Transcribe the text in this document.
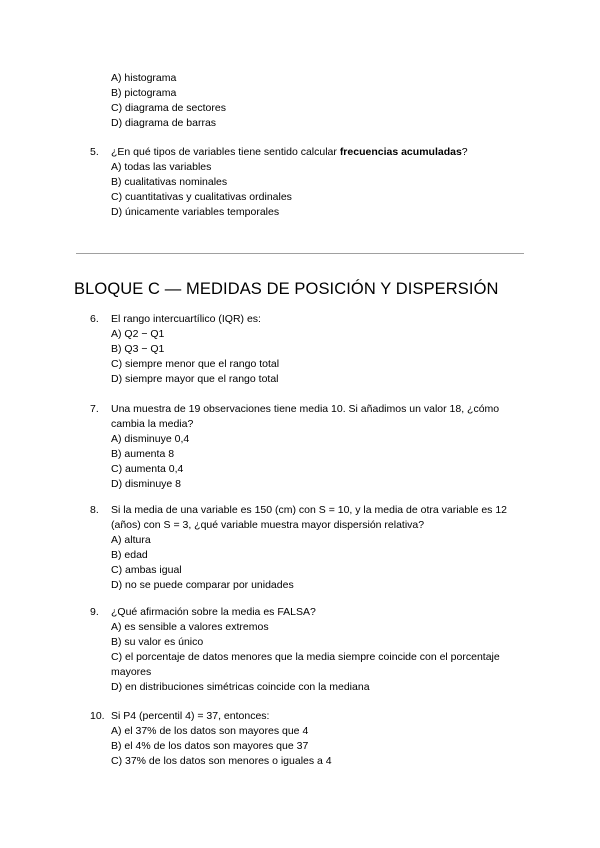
A) histograma
B) pictograma
C) diagrama de sectores
D) diagrama de barras
5.	¿En qué tipos de variables tiene sentido calcular frecuencias acumuladas?
A) todas las variables
B) cualitativas nominales
C) cuantitativas y cualitativas ordinales
D) únicamente variables temporales
BLOQUE C — MEDIDAS DE POSICIÓN Y DISPERSIÓN
6.	El rango intercuartílico (IQR) es:
A) Q2 − Q1
B) Q3 − Q1
C) siempre menor que el rango total
D) siempre mayor que el rango total
7.	Una muestra de 19 observaciones tiene media 10. Si añadimos un valor 18, ¿cómo cambia la media?
A) disminuye 0,4
B) aumenta 8
C) aumenta 0,4
D) disminuye 8
8.	Si la media de una variable es 150 (cm) con S = 10, y la media de otra variable es 12 (años) con S = 3, ¿qué variable muestra mayor dispersión relativa?
A) altura
B) edad
C) ambas igual
D) no se puede comparar por unidades
9.	¿Qué afirmación sobre la media es FALSA?
A) es sensible a valores extremos
B) su valor es único
C) el porcentaje de datos menores que la media siempre coincide con el porcentaje mayores
D) en distribuciones simétricas coincide con la mediana
10. Si P4 (percentil 4) = 37, entonces:
A) el 37% de los datos son mayores que 4
B) el 4% de los datos son mayores que 37
C) 37% de los datos son menores o iguales a 4
